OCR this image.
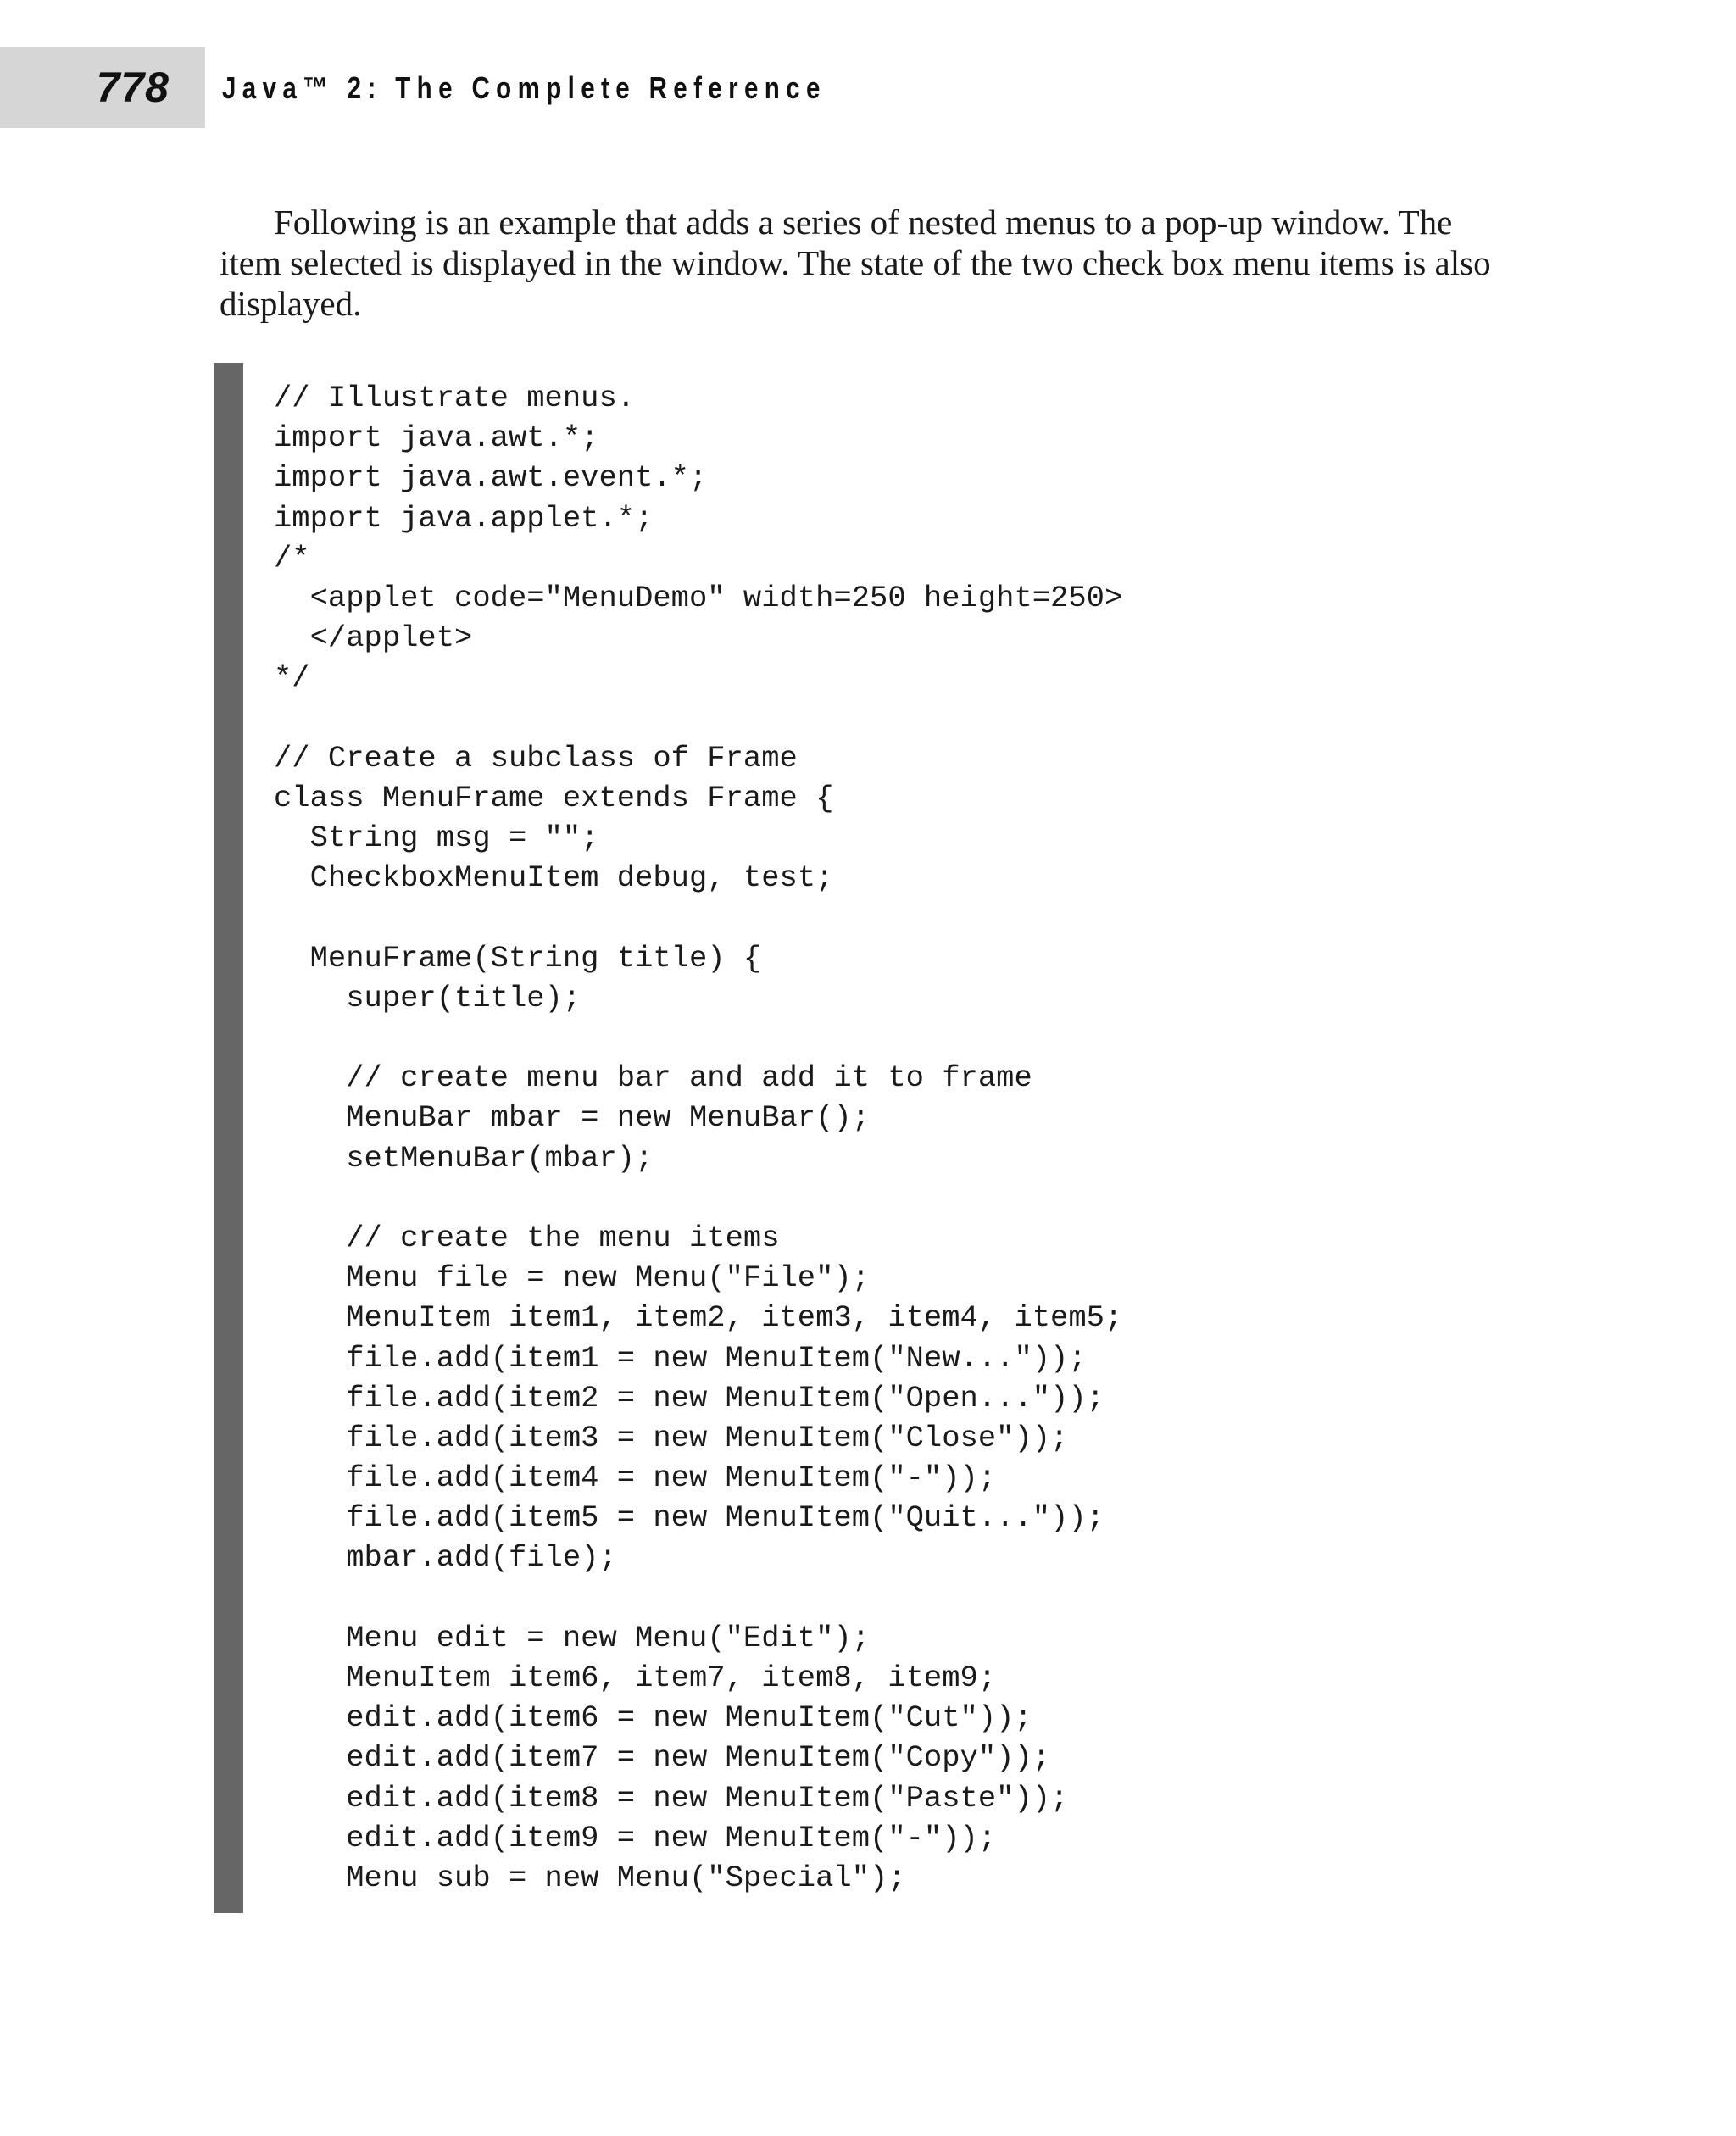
778 Java™ 2: The Complete Reference

Following is an example that adds a series of nested menus to a pop-up window. The item selected is displayed in the window. The state of the two check box menu items is also displayed.

// Illustrate menus.
import java.awt.*;
import java.awt.event.*;
import java.applet.*;
/*
<applet code="MenuDemo" width=250 height=250>
</applet>
*/
// Create a subclass of Frame
class MenuFrame extends Frame {
String msg = "";
CheckboxMenuItem debug, test;
MenuFrame(String title) {
super(title);
// create menu bar and add it to frame
MenuBar mbar = new MenuBar();
setMenuBar(mbar);
// create the menu items
Menu file = new Menu("File");
MenuItem item1, item2, item3, item4, item5;
file.add(item1 = new MenuItem("New..."));
file.add(item2 = new MenuItem("Open..."));
file.add(item3 = new MenuItem("Close"));
file.add(item4 = new MenuItem("-"));
file.add(item5 = new MenuItem("Quit..."));
mbar.add(file);
Menu edit = new Menu("Edit");
MenuItem item6, item7, item8, item9;
edit.add(item6 = new MenuItem("Cut"));
edit.add(item7 = new MenuItem("Copy"));
edit.add(item8 = new MenuItem("Paste"));
edit.add(item9 = new MenuItem("-"));
Menu sub = new Menu("Special");
